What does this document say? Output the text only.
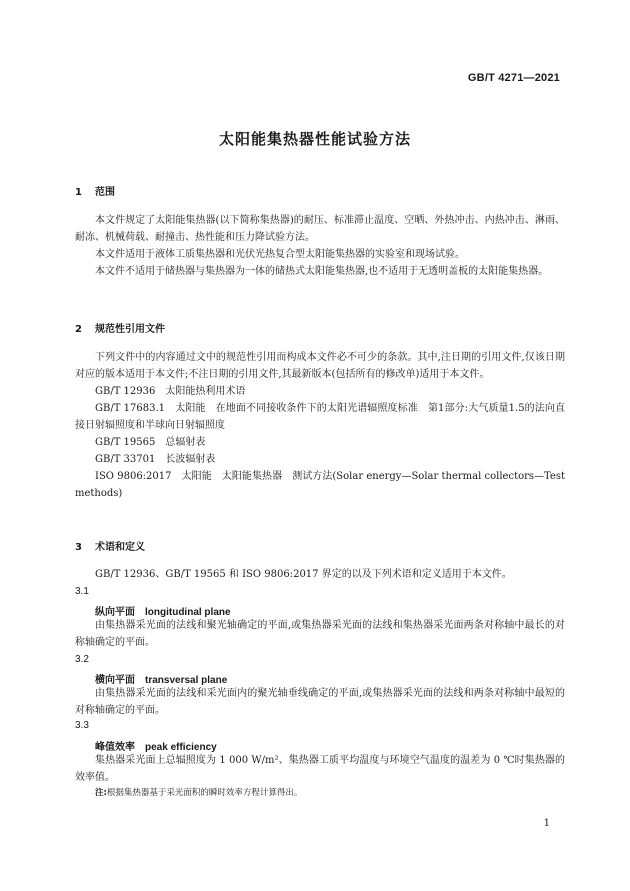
GB/T 4271—2021
太阳能集热器性能试验方法
1 范围

本文件规定了太阳能集热器(以下简称集热器)的耐压、标准滞止温度、空晒、外热冲击、内热冲击、淋雨、耐冻、机械荷载、耐撞击、热性能和压力降试验方法。

本文件适用于液体工质集热器和光伏光热复合型太阳能集热器的实验室和现场试验。

本文件不适用于储热器与集热器为一体的储热式太阳能集热器,也不适用于无透明盖板的太阳能集热器。

2 规范性引用文件

下列文件中的内容通过文中的规范性引用而构成本文件必不可少的条款。其中,注日期的引用文件,仅该日期对应的版本适用于本文件;不注日期的引用文件,其最新版本(包括所有的修改单)适用于本文件。

GB/T 12936　太阳能热利用术语

GB/T 17683.1　太阳能　在地面不同接收条件下的太阳光谱辐照度标准　第1部分:大气质量1.5的法向直接日射辐照度和半球向日射辐照度

GB/T 19565　总辐射表

GB/T 33701　长波辐射表

ISO 9806:2017　太阳能　太阳能集热器　测试方法(Solar energy—Solar thermal collectors—Test methods)

3 术语和定义

GB/T 12936、GB/T 19565 和 ISO 9806:2017 界定的以及下列术语和定义适用于本文件。

3.1
纵向平面 longitudinal plane

由集热器采光面的法线和聚光轴确定的平面,或集热器采光面的法线和集热器采光面两条对称轴中最长的对称轴确定的平面。

3.2
横向平面 transversal plane

由集热器采光面的法线和采光面内的聚光轴垂线确定的平面,或集热器采光面的法线和两条对称轴中最短的对称轴确定的平面。

3.3
峰值效率 peak efficiency

集热器采光面上总辐照度为 1 000 W/m²、集热器工质平均温度与环境空气温度的温差为 0 ℃时集热器的效率值。

注:根据集热器基于采光面积的瞬时效率方程计算得出。
1
